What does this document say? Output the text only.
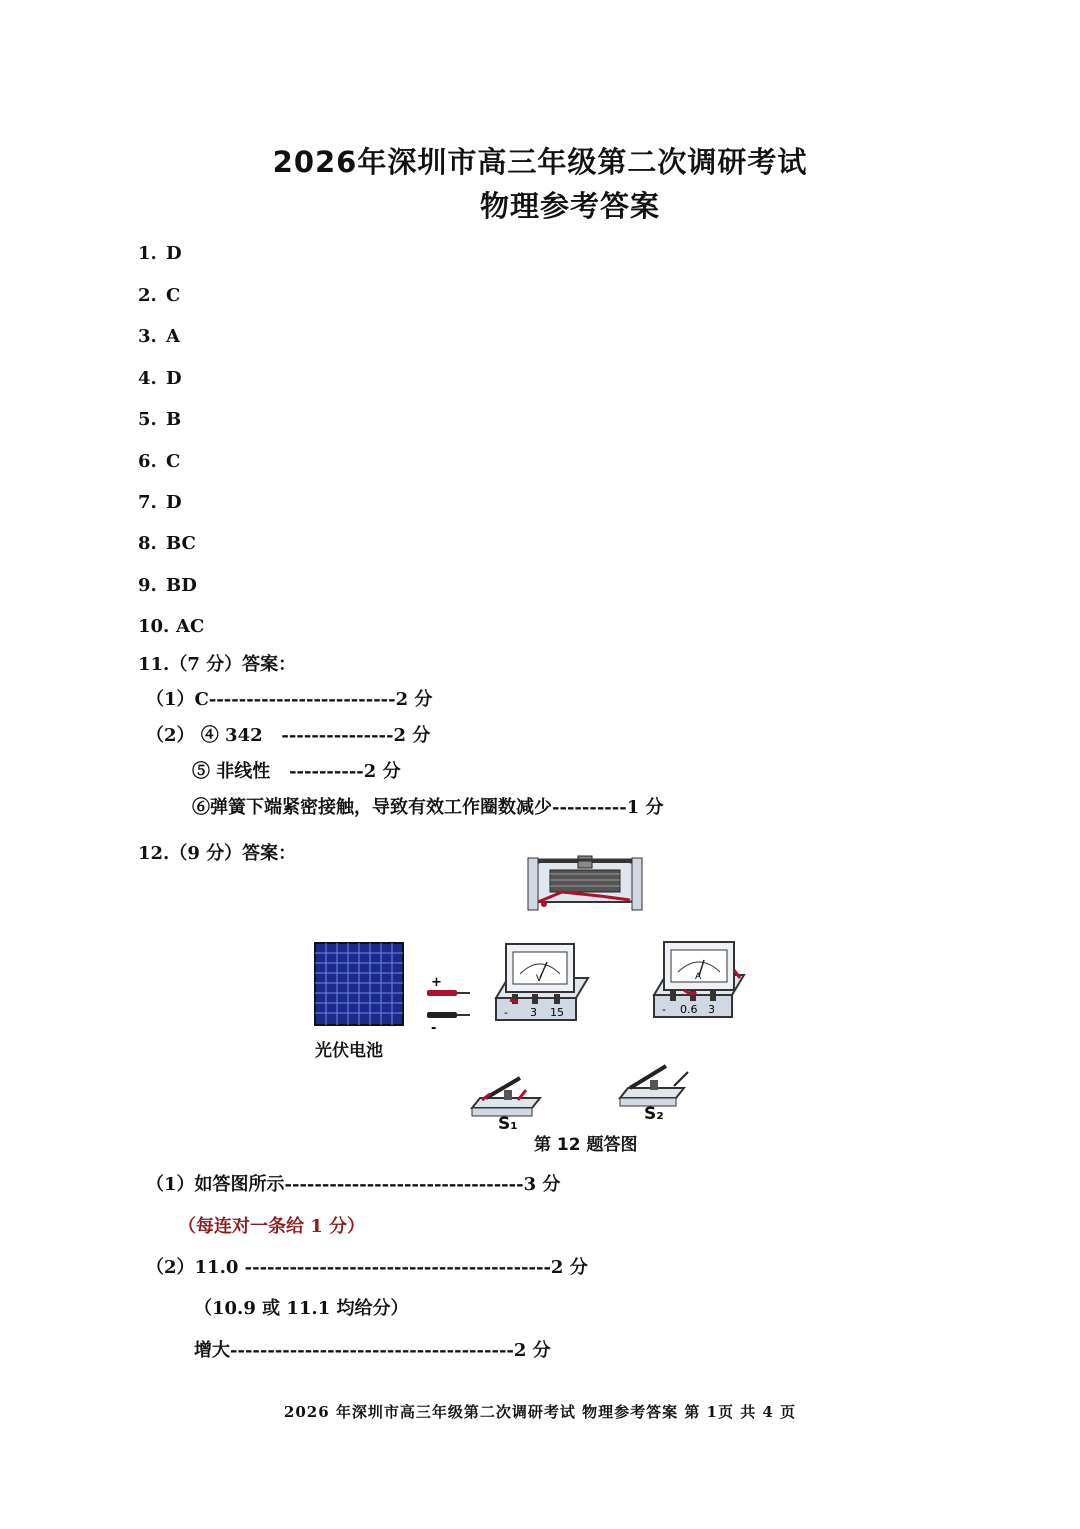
2026年深圳市高三年级第二次调研考试
物理参考答案
1. D
2. C
3. A
4. D
5. B
6. C
7. D
8. BC
9. BD
10. AC
11.（7 分）答案：
（1）C-------------------------2 分
（2） ④ 342   ---------------2 分
⑤ 非线性   ----------2 分
⑥弹簧下端紧密接触，导致有效工作圈数减少----------1 分
12.（9 分）答案：
+
-
V
- 3 15
A
- 0.6 3
光伏电池
S₁	S₂
第 12 题答图
（1）如答图所示--------------------------------3 分
（每连对一条给 1 分）
（2）11.0 -----------------------------------------2 分
（10.9 或 11.1 均给分）
增大--------------------------------------2 分
2026 年深圳市高三年级第二次调研考试 物理参考答案 第 1页 共 4 页
